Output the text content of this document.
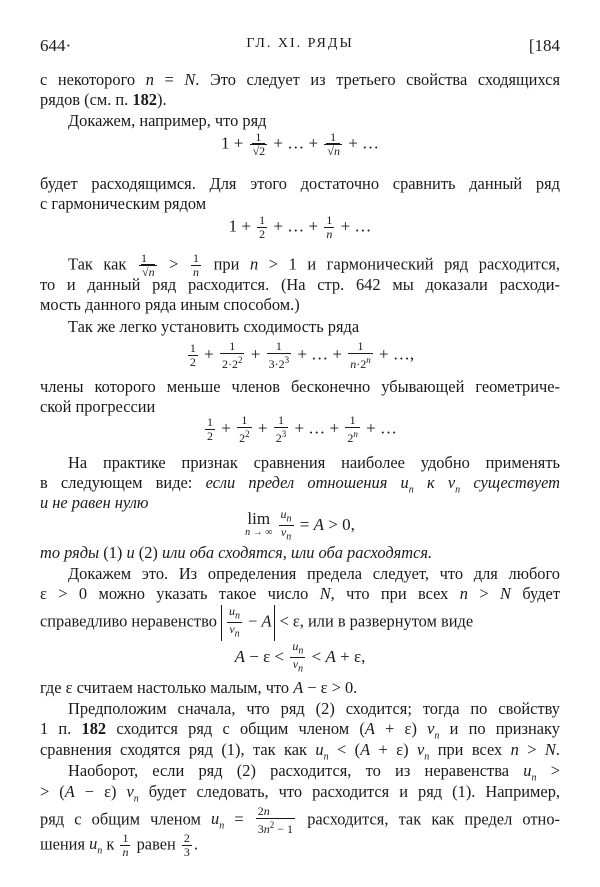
644·	ГЛ. XI. РЯДЫ	[184
с некоторого n = N. Это следует из третьего свойства сходящихся
рядов (см. п. 182).
Докажем, например, что ряд
$1 + \frac{1}{√2}$ + … + $\frac{1}{√n}$ + …
будет расходящимся. Для этого достаточно сравнить данный ряд
с гармоническим рядом
$1 + \frac{1}{2}$ + … + $\frac{1}{n}$ + …
Так как $\frac{1}{√n} > \frac{1}{n}$ при n > 1 и гармонический ряд расходится,
то и данный ряд расходится. (На стр. 642 мы доказали расходи-
мость данного ряда иным способом.)
Так же легко установить сходимость ряда
$\frac{1}{2} + \frac{1}{2\cdot 2^2} + \frac{1}{3\cdot 2^3}$ + … + $\frac{1}{n\cdot 2^n}$ + …,
члены которого меньше членов бесконечно убывающей геометриче-
ской прогрессии
$\frac{1}{2} + \frac{1}{2^2} + \frac{1}{2^3}$ + … + $\frac{1}{2^n}$ + …
На практике признак сравнения наиболее удобно применять
в следующем виде: если предел отношения $u_n$ к $v_n$ существует
и не равен нулю
lim
n → ∞
$\frac{u_n}{v_n} = A > 0$,
то ряды (1) и (2) или оба сходятся, или оба расходятся.
Докажем это. Из определения предела следует, что для любого
ε > 0 можно указать такое число N, что при всех n > N будет
справедливо неравенство $\frac{u_n}{v_n} - A < \varepsilon$, или в развернутом виде
$A - \varepsilon < \frac{u_n}{v_n} < A + \varepsilon$,
где ε считаем настолько малым, что A − ε > 0.
Предположим сначала, что ряд (2) сходится; тогда по свойству
1 п. 182 сходится ряд с общим членом (A + ε) $v_n$ и по признаку
сравнения сходятся ряд (1), так как $u_n < (A + \varepsilon)$ $v_n$ при всех n > N.
Наоборот, если ряд (2) расходится, то из неравенства $u_n$ >
> (A − ε) $v_n$ будет следовать, что расходится и ряд (1). Например,
ряд с общим членом $u_n = \frac{2n}{3n^2 - 1}$ расходится, так как предел отно-
шения $u_n$ к $\frac{1}{n}$ равен $\frac{2}{3}$ .
